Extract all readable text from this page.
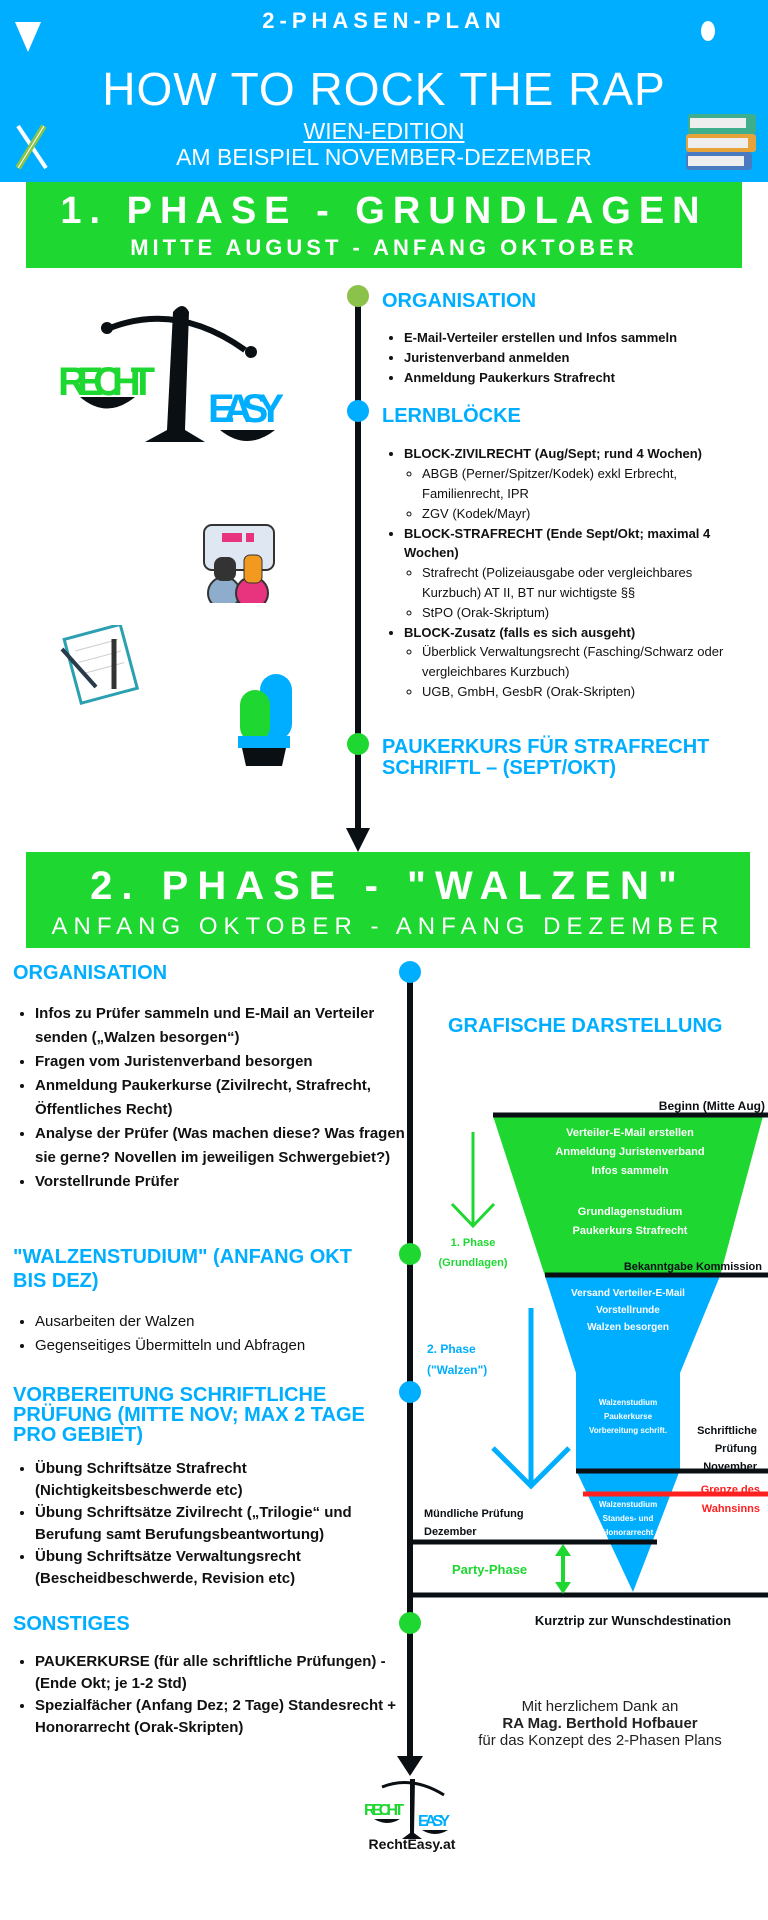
2-PHASEN-PLAN
HOW TO ROCK THE RAP
WIEN-EDITION
AM BEISPIEL NOVEMBER-DEZEMBER
1. PHASE - GRUNDLAGEN
MITTE AUGUST - ANFANG OKTOBER
RECHT
EASY
ORGANISATION
• E-Mail-Verteiler erstellen und Infos sammeln
• Juristenverband anmelden
• Anmeldung Paukerkurs Strafrecht
LERNBLÖCKE
• BLOCK-ZIVILRECHT (Aug/Sept; rund 4 Wochen)
◦ ABGB (Perner/Spitzer/Kodek) exkl Erbrecht, Familienrecht, IPR
◦ ZGV (Kodek/Mayr)
• BLOCK-STRAFRECHT (Ende Sept/Okt; maximal 4 Wochen)
◦ Strafrecht (Polizeiausgabe oder vergleichbares Kurzbuch) AT II, BT nur wichtigste §§
◦ StPO (Orak-Skriptum)
• BLOCK-Zusatz (falls es sich ausgeht)
◦ Überblick Verwaltungsrecht (Fasching/Schwarz oder vergleichbares Kurzbuch)
◦ UGB, GmbH, GesbR (Orak-Skripten)
PAUKERKURS FÜR STRAFRECHT SCHRIFTL – (SEPT/OKT)
2. PHASE - "WALZEN"
ANFANG OKTOBER - ANFANG DEZEMBER
ORGANISATION
• Infos zu Prüfer sammeln und E-Mail an Verteiler senden („Walzen besorgen“)
• Fragen vom Juristenverband besorgen
• Anmeldung Paukerkurse (Zivilrecht, Strafrecht, Öffentliches Recht)
• Analyse der Prüfer (Was machen diese? Was fragen sie gerne? Novellen im jeweiligen Schwergebiet?)
• Vorstellrunde Prüfer
"WALZENSTUDIUM" (ANFANG OKT BIS DEZ)
• Ausarbeiten der Walzen
• Gegenseitiges Übermitteln und Abfragen
VORBEREITUNG SCHRIFTLICHE PRÜFUNG (MITTE NOV; MAX 2 TAGE PRO GEBIET)
• Übung Schriftsätze Strafrecht (Nichtigkeitsbeschwerde etc)
• Übung Schriftsätze Zivilrecht („Trilogie“ und Berufung samt Berufungsbeantwortung)
• Übung Schriftsätze Verwaltungsrecht (Bescheidbeschwerde, Revision etc)
SONSTIGES
• PAUKERKURSE (für alle schriftliche Prüfungen) - (Ende Okt; je 1-2 Std)
• Spezialfächer (Anfang Dez; 2 Tage) Standesrecht + Honorarrecht (Orak-Skripten)
GRAFISCHE DARSTELLUNG
Beginn (Mitte Aug)
Bekanntgabe Kommission
Schriftliche
Prüfung
November
Mündliche Prüfung
Dezember
Kurztrip zur Wunschdestination
Verteiler-E-Mail erstellen
Anmeldung Juristenverband
Infos sammeln
Grundlagenstudium
Paukerkurs Strafrecht
Versand Verteiler-E-Mail
Vorstellrunde
Walzen besorgen
Walzenstudium
Paukerkurse
Vorbereitung schrift.
Walzenstudium
Standes- und
Honorarrecht
1. Phase
(Grundlagen)
2. Phase
("Walzen")
Grenze des
Wahnsinns
Party-Phase
Mit herzlichem Dank an
RA Mag. Berthold Hofbauer
für das Konzept des 2-Phasen Plans
RECHT
EASY
RechtEasy.at
